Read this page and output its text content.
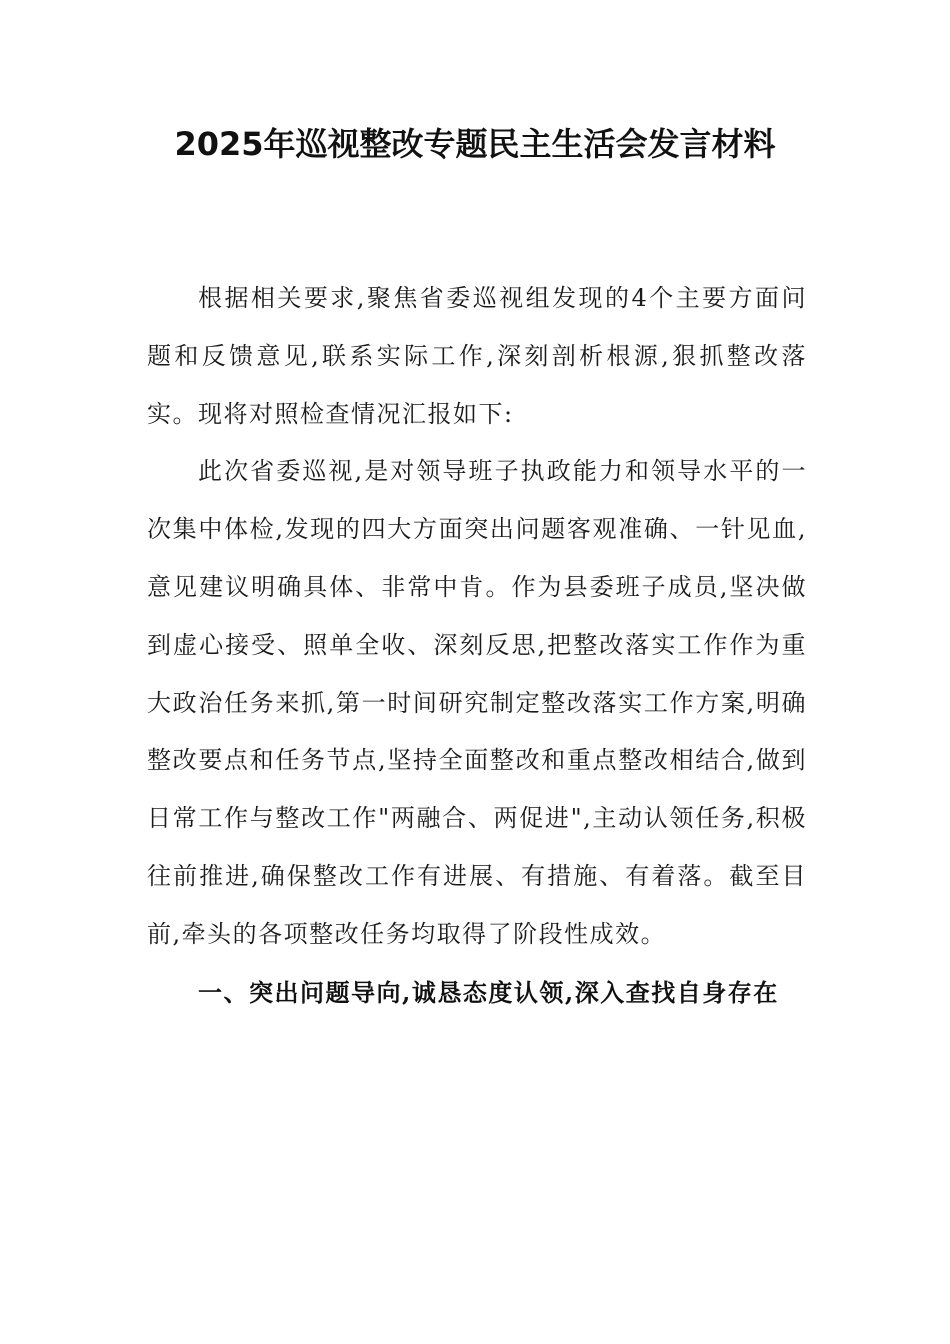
2025年巡视整改专题民主生活会发言材料

根据相关要求,聚焦省委巡视组发现的4个主要方面问题和反馈意见,联系实际工作,深刻剖析根源,狠抓整改落实。现将对照检查情况汇报如下:

此次省委巡视,是对领导班子执政能力和领导水平的一次集中体检,发现的四大方面突出问题客观准确、一针见血,意见建议明确具体、非常中肯。作为县委班子成员,坚决做到虚心接受、照单全收、深刻反思,把整改落实工作作为重大政治任务来抓,第一时间研究制定整改落实工作方案,明确整改要点和任务节点,坚持全面整改和重点整改相结合,做到日常工作与整改工作"两融合、两促进",主动认领任务,积极往前推进,确保整改工作有进展、有措施、有着落。截至目前,牵头的各项整改任务均取得了阶段性成效。

一、突出问题导向,诚恳态度认领,深入查找自身存在
